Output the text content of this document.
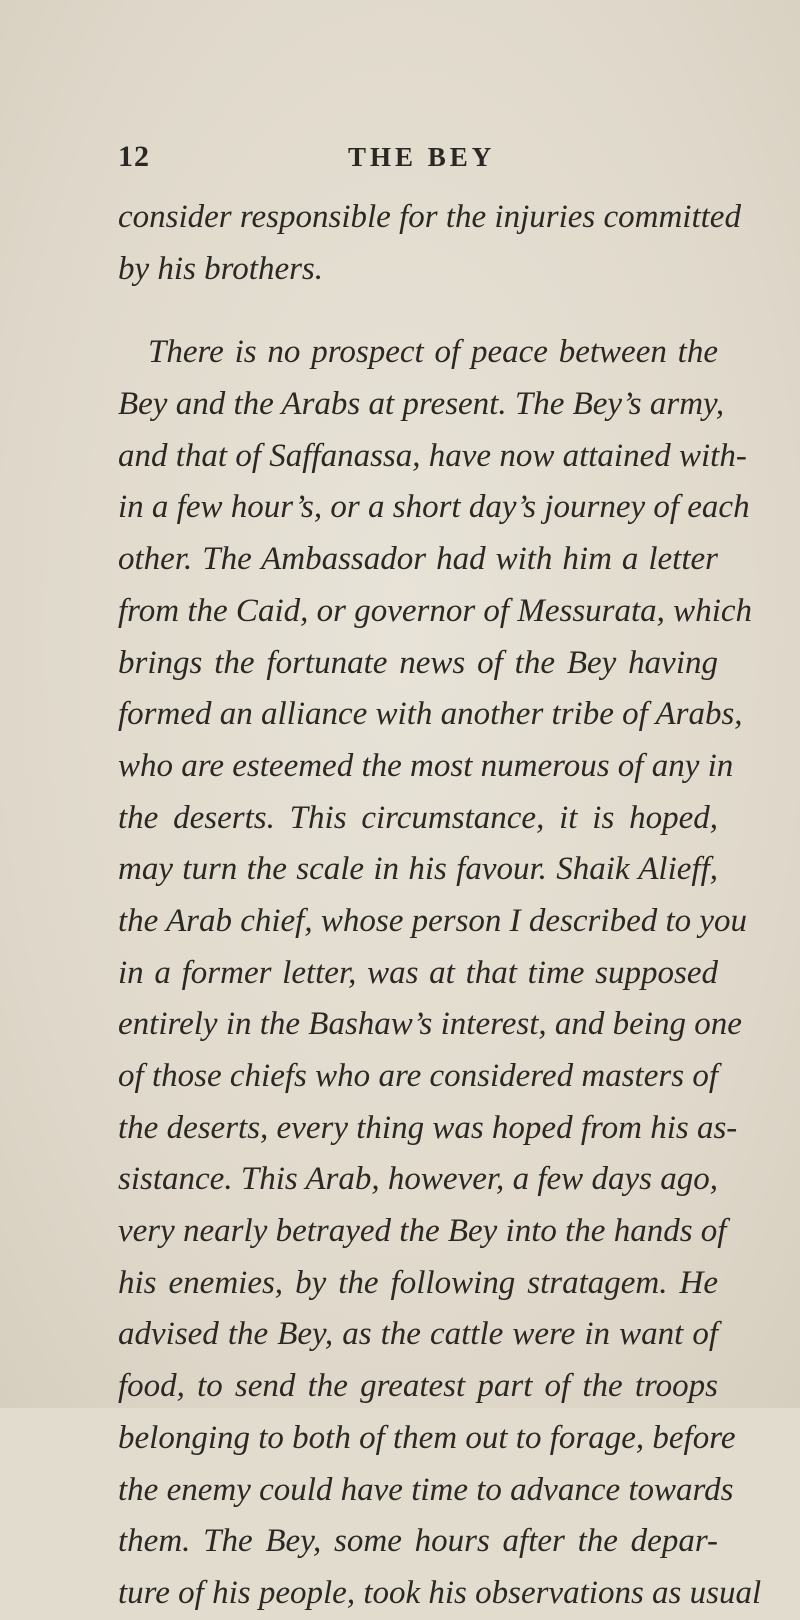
12	THE BEY
consider responsible for the injuries committed
by his brothers.
There is no prospect of peace between the
Bey and the Arabs at present. The Bey’s army,
and that of Saffanassa, have now attained with-
in a few hour’s, or a short day’s journey of each
other. The Ambassador had with him a letter
from the Caid, or governor of Messurata, which
brings the fortunate news of the Bey having
formed an alliance with another tribe of Arabs,
who are esteemed the most numerous of any in
the deserts. This circumstance, it is hoped,
may turn the scale in his favour. Shaik Alieff,
the Arab chief, whose person I described to you
in a former letter, was at that time supposed
entirely in the Bashaw’s interest, and being one
of those chiefs who are considered masters of
the deserts, every thing was hoped from his as-
sistance. This Arab, however, a few days ago,
very nearly betrayed the Bey into the hands of
his enemies, by the following stratagem. He
advised the Bey, as the cattle were in want of
food, to send the greatest part of the troops
belonging to both of them out to forage, before
the enemy could have time to advance towards
them. The Bey, some hours after the depar-
ture of his people, took his observations as usual
